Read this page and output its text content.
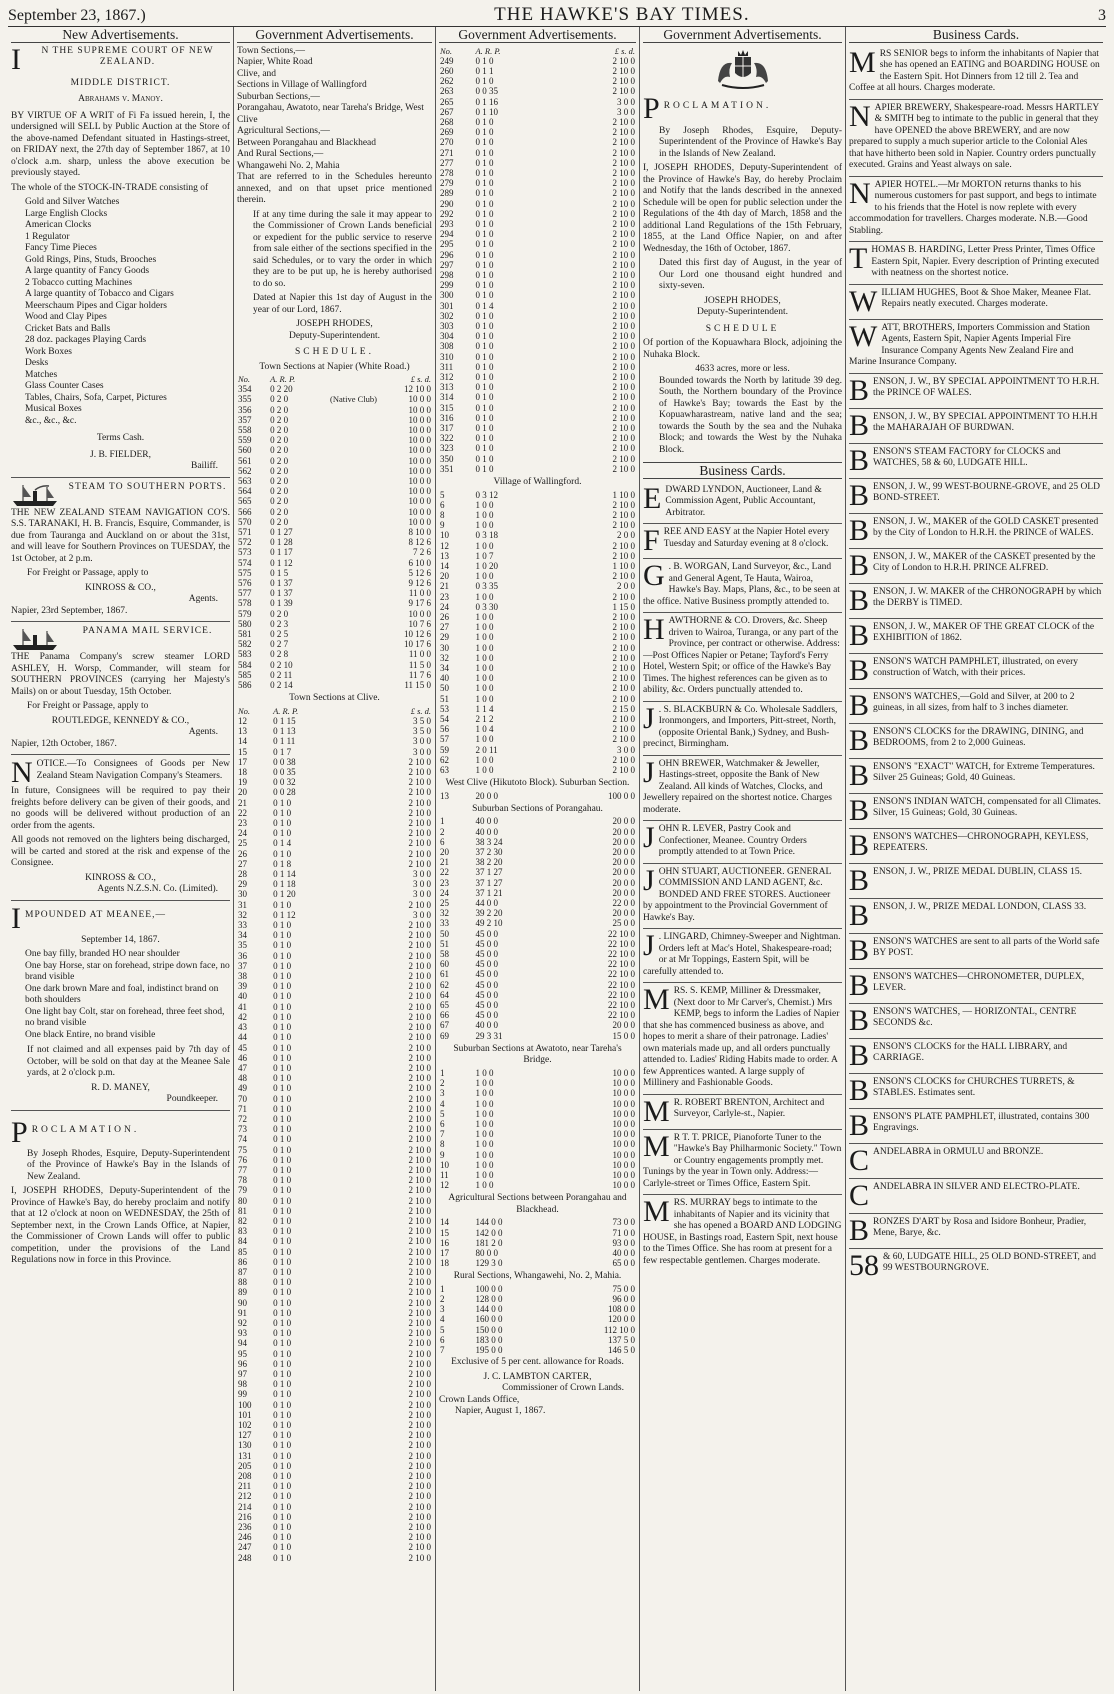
September 23, 1867.)	THE HAWKE'S BAY TIMES.	3
New Advertisements.
I	N THE SUPREME COURT OF NEW ZEALAND.
MIDDLE DISTRICT.
Abrahams v. Manoy.

BY VIRTUE OF A WRIT of Fi Fa issued herein, I, the undersigned will SELL by Public Auction at the Store of the above-named Defendant situated in Hastings-street, on FRIDAY next, the 27th day of September 1867, at 10 o'clock a.m. sharp, unless the above execution be previously stayed.

The whole of the STOCK-IN-TRADE consisting of

Gold and Silver Watches
Large English Clocks
American Clocks
1 Regulator
Fancy Time Pieces
Gold Rings, Pins, Studs, Brooches
A large quantity of Fancy Goods
2 Tobacco cutting Machines
A large quantity of Tobacco and Cigars
Meerschaum Pipes and Cigar holders
Wood and Clay Pipes
Cricket Bats and Balls
28 doz. packages Playing Cards
Work Boxes
Desks
Matches
Glass Counter Cases
Tables, Chairs, Sofa, Carpet, Pictures
Musical Boxes
&c., &c., &c.
Terms Cash.
J. B. FIELDER,
Bailiff.
STEAM TO SOUTHERN PORTS.

THE NEW ZEALAND STEAM NAVIGATION CO'S. S.S. TARANAKI, H. B. Francis, Esquire, Commander, is due from Tauranga and Auckland on or about the 31st, and will leave for Southern Provinces on TUESDAY, the 1st October, at 2 p.m.

For Freight or Passage, apply to

KINROSS & CO.,
Agents.
Napier, 23rd September, 1867.
PANAMA MAIL SERVICE.

THE Panama Company's screw steamer LORD ASHLEY, H. Worsp, Commander, will steam for SOUTHERN PROVINCES (carrying her Majesty's Mails) on or about Tuesday, 15th October.

For Freight or Passage, apply to

ROUTLEDGE, KENNEDY & CO.,
Agents.
Napier, 12th October, 1867.
N OTICE.—To Consignees of Goods per New Zealand Steam Navigation Company's Steamers.

In future, Consignees will be required to pay their freights before delivery can be given of their goods, and no goods will be delivered without production of an order from the agents.

All goods not removed on the lighters being discharged, will be carted and stored at the risk and expense of the Consignee.

KINROSS & CO.,
Agents N.Z.S.N. Co. (Limited).
I MPOUNDED AT MEANEE,—
September 14, 1867.
One bay filly, branded HO near shoulder
One bay Horse, star on forehead, stripe down face, no brand visible
One dark brown Mare and foal, indistinct brand on both shoulders
One light bay Colt, star on forehead, three feet shod, no brand visible
One black Entire, no brand visible

If not claimed and all expenses paid by 7th day of October, will be sold on that day at the Meanee Sale yards, at 2 o'clock p.m.

R. D. MANEY,
Poundkeeper.
P ROCLAMATION.

By Joseph Rhodes, Esquire, Deputy-Superintendent of the Province of Hawke's Bay in the Islands of New Zealand.

I, JOSEPH RHODES, Deputy-Superintendent of the Province of Hawke's Bay, do hereby proclaim and notify that at 12 o'clock at noon on WEDNESDAY, the 25th of September next, in the Crown Lands Office, at Napier, the Commissioner of Crown Lands will offer to public competition, under the provisions of the Land Regulations now in force in this Province.

Government Advertisements.
Town Sections,—
Napier, White Road
Clive, and
Sections in Village of Wallingford
Suburban Sections,—
Porangahau, Awatoto, near Tareha's Bridge, West Clive
Agricultural Sections,—
Between Porangahau and Blackhead
And Rural Sections,—
Whangawehi No. 2, Mahia

That are referred to in the Schedules hereunto annexed, and on that upset price mentioned therein.

If at any time during the sale it may appear to the Commissioner of Crown Lands beneficial or expedient for the public service to reserve from sale either of the sections specified in the said Schedules, or to vary the order in which they are to be put up, he is hereby authorised to do so.

Dated at Napier this 1st day of August in the year of our Lord, 1867.

JOSEPH RHODES,
Deputy-Superintendent.
SCHEDULE.
Town Sections at Napier (White Road.)
No.	A. R. P.		£ s. d.
354	0 2 20		12 10 0
355	0 2 0	(Native Club)	10 0 0
356	0 2 0		10 0 0
357	0 2 0		10 0 0
558	0 2 0		10 0 0
559	0 2 0		10 0 0
560	0 2 0		10 0 0
561	0 2 0		10 0 0
562	0 2 0		10 0 0
563	0 2 0		10 0 0
564	0 2 0		10 0 0
565	0 2 0		10 0 0
566	0 2 0		10 0 0
570	0 2 0		10 0 0
571	0 1 27		8 10 0
572	0 1 28		8 12 6
573	0 1 17		7 2 6
574	0 1 12		6 10 0
575	0 1 5		5 12 6
576	0 1 37		9 12 6
577	0 1 37		11 0 0
578	0 1 39		9 17 6
579	0 2 0		10 0 0
580	0 2 3		10 7 6
581	0 2 5		10 12 6
582	0 2 7		10 17 6
583	0 2 8		11 0 0
584	0 2 10		11 5 0
585	0 2 11		11 7 6
586	0 2 14		11 15 0
Town Sections at Clive.
No.	A. R. P.		£ s. d.
12	0 1 15		3 5 0
13	0 1 13		3 5 0
14	0 1 11		3 0 0
15	0 1 7		3 0 0
17	0 0 38		2 10 0
18	0 0 35		2 10 0
19	0 0 32		2 10 0
20	0 0 28		2 10 0
21	0 1 0		2 10 0
22	0 1 0		2 10 0
23	0 1 0		2 10 0
24	0 1 0		2 10 0
25	0 1 4		2 10 0
26	0 1 0		2 10 0
27	0 1 8		2 10 0
28	0 1 14		3 0 0
29	0 1 18		3 0 0
30	0 1 20		3 0 0
31	0 1 0		2 10 0
32	0 1 12		3 0 0
33	0 1 0		2 10 0
34	0 1 0		2 10 0
35	0 1 0		2 10 0
36	0 1 0		2 10 0
37	0 1 0		2 10 0
38	0 1 0		2 10 0
39	0 1 0		2 10 0
40	0 1 0		2 10 0
41	0 1 0		2 10 0
42	0 1 0		2 10 0
43	0 1 0		2 10 0
44	0 1 0		2 10 0
45	0 1 0		2 10 0
46	0 1 0		2 10 0
47	0 1 0		2 10 0
48	0 1 0		2 10 0
49	0 1 0		2 10 0
70	0 1 0		2 10 0
71	0 1 0		2 10 0
72	0 1 0		2 10 0
73	0 1 0		2 10 0
74	0 1 0		2 10 0
75	0 1 0		2 10 0
76	0 1 0		2 10 0
77	0 1 0		2 10 0
78	0 1 0		2 10 0
79	0 1 0		2 10 0
80	0 1 0		2 10 0
81	0 1 0		2 10 0
82	0 1 0		2 10 0
83	0 1 0		2 10 0
84	0 1 0		2 10 0
85	0 1 0		2 10 0
86	0 1 0		2 10 0
87	0 1 0		2 10 0
88	0 1 0		2 10 0
89	0 1 0		2 10 0
90	0 1 0		2 10 0
91	0 1 0		2 10 0
92	0 1 0		2 10 0
93	0 1 0		2 10 0
94	0 1 0		2 10 0
95	0 1 0		2 10 0
96	0 1 0		2 10 0
97	0 1 0		2 10 0
98	0 1 0		2 10 0
99	0 1 0		2 10 0
100	0 1 0		2 10 0
101	0 1 0		2 10 0
102	0 1 0		2 10 0
127	0 1 0		2 10 0
130	0 1 0		2 10 0
131	0 1 0		2 10 0
205	0 1 0		2 10 0
208	0 1 0		2 10 0
211	0 1 0		2 10 0
212	0 1 0		2 10 0
214	0 1 0		2 10 0
216	0 1 0		2 10 0
236	0 1 0		2 10 0
246	0 1 0		2 10 0
247	0 1 0		2 10 0
248	0 1 0		2 10 0
Government Advertisements.
No.	A. R. P.		£ s. d.
249	0 1 0		2 10 0
260	0 1 1		2 10 0
262	0 1 0		2 10 0
263	0 0 35		2 10 0
265	0 1 16		3 0 0
267	0 1 10		3 0 0
268	0 1 0		2 10 0
269	0 1 0		2 10 0
270	0 1 0		2 10 0
271	0 1 0		2 10 0
277	0 1 0		2 10 0
278	0 1 0		2 10 0
279	0 1 0		2 10 0
289	0 1 0		2 10 0
290	0 1 0		2 10 0
292	0 1 0		2 10 0
293	0 1 0		2 10 0
294	0 1 0		2 10 0
295	0 1 0		2 10 0
296	0 1 0		2 10 0
297	0 1 0		2 10 0
298	0 1 0		2 10 0
299	0 1 0		2 10 0
300	0 1 0		2 10 0
301	0 1 4		2 10 0
302	0 1 0		2 10 0
303	0 1 0		2 10 0
304	0 1 0		2 10 0
308	0 1 0		2 10 0
310	0 1 0		2 10 0
311	0 1 0		2 10 0
312	0 1 0		2 10 0
313	0 1 0		2 10 0
314	0 1 0		2 10 0
315	0 1 0		2 10 0
316	0 1 0		2 10 0
317	0 1 0		2 10 0
322	0 1 0		2 10 0
323	0 1 0		2 10 0
350	0 1 0		2 10 0
351	0 1 0		2 10 0
Village of Wallingford.
5	0 3 12		1 10 0
6	1 0 0		2 10 0
8	1 0 0		2 10 0
9	1 0 0		2 10 0
10	0 3 18		2 0 0
12	1 0 0		2 10 0
13	1 0 7		2 10 0
14	1 0 20		1 10 0
20	1 0 0		2 10 0
21	0 3 35		2 0 0
23	1 0 0		2 10 0
24	0 3 30		1 15 0
26	1 0 0		2 10 0
27	1 0 0		2 10 0
29	1 0 0		2 10 0
30	1 0 0		2 10 0
32	1 0 0		2 10 0
34	1 0 0		2 10 0
40	1 0 0		2 10 0
50	1 0 0		2 10 0
51	1 0 0		2 10 0
53	1 1 4		2 15 0
54	2 1 2		2 10 0
56	1 0 4		2 10 0
57	1 0 0		2 10 0
59	2 0 11		3 0 0
62	1 0 0		2 10 0
63	1 0 0		2 10 0
West Clive (Hikutoto Block). Suburban Section.
13	20 0 0		100 0 0
Suburban Sections of Porangahau.
1	40 0 0		20 0 0
2	40 0 0		20 0 0
6	38 3 24		20 0 0
20	37 2 30		20 0 0
21	38 2 20		20 0 0
22	37 1 27		20 0 0
23	37 1 27		20 0 0
24	37 1 21		20 0 0
25	44 0 0		22 0 0
32	39 2 20		20 0 0
33	49 2 10		25 0 0
50	45 0 0		22 10 0
51	45 0 0		22 10 0
58	45 0 0		22 10 0
60	45 0 0		22 10 0
61	45 0 0		22 10 0
62	45 0 0		22 10 0
64	45 0 0		22 10 0
65	45 0 0		22 10 0
66	45 0 0		22 10 0
67	40 0 0		20 0 0
69	29 3 31		15 0 0
Suburban Sections at Awatoto, near Tareha's Bridge.
1	1 0 0		10 0 0
2	1 0 0		10 0 0
3	1 0 0		10 0 0
4	1 0 0		10 0 0
5	1 0 0		10 0 0
6	1 0 0		10 0 0
7	1 0 0		10 0 0
8	1 0 0		10 0 0
9	1 0 0		10 0 0
10	1 0 0		10 0 0
11	1 0 0		10 0 0
12	1 0 0		10 0 0
Agricultural Sections between Porangahau and Blackhead.
14	144 0 0		73 0 0
15	142 0 0		71 0 0
16	181 2 0		93 0 0
17	80 0 0		40 0 0
18	129 3 0		65 0 0
Rural Sections, Whangawehi, No. 2, Mahia.
1	100 0 0		75 0 0
2	128 0 0		96 0 0
3	144 0 0		108 0 0
4	160 0 0		120 0 0
5	150 0 0		112 10 0
6	183 0 0		137 5 0
7	195 0 0		146 5 0
Exclusive of 5 per cent. allowance for Roads.
J. C. LAMBTON CARTER,
Commissioner of Crown Lands.
Crown Lands Office,
Napier, August 1, 1867.
Government Advertisements.
P ROCLAMATION.

By Joseph Rhodes, Esquire, Deputy-Superintendent of the Province of Hawke's Bay in the Islands of New Zealand.

I, JOSEPH RHODES, Deputy-Superintendent of the Province of Hawke's Bay, do hereby Proclaim and Notify that the lands described in the annexed Schedule will be open for public selection under the Regulations of the 4th day of March, 1858 and the additional Land Regulations of the 15th February, 1855, at the Land Office Napier, on and after Wednesday, the 16th of October, 1867.

Dated this first day of August, in the year of Our Lord one thousand eight hundred and sixty-seven.

JOSEPH RHODES,
Deputy-Superintendent.
SCHEDULE

Of portion of the Kopuawhara Block, adjoining the Nuhaka Block.

4633 acres, more or less.

Bounded towards the North by latitude 39 deg. South, the Northern boundary of the Province of Hawke's Bay; towards the East by the Kopuawharastream, native land and the sea; towards the South by the sea and the Nuhaka Block; and towards the West by the Nuhaka Block.

Business Cards.
EDWARD LYNDON, Auctioneer, Land & Commission Agent, Public Accountant, Arbitrator.
FREE AND EASY at the Napier Hotel every Tuesday and Saturday evening at 8 o'clock.
G . B. WORGAN, Land Surveyor, &c., Land and General Agent, Te Hauta, Wairoa, Hawke's Bay. Maps, Plans, &c., to be seen at the office. Native Business promptly attended to.
HAWTHORNE & CO. Drovers, &c. Sheep driven to Wairoa, Turanga, or any part of the Province, per contract or otherwise. Address:—Post Offices Napier or Petane; Tayford's Ferry Hotel, Western Spit; or office of the Hawke's Bay Times. The highest references can be given as to ability, &c. Orders punctually attended to.
J . S. BLACKBURN & Co. Wholesale Saddlers, Ironmongers, and Importers, Pitt-street, North, (opposite Oriental Bank,) Sydney, and Bush-precinct, Birmingham.
JOHN BREWER, Watchmaker & Jeweller, Hastings-street, opposite the Bank of New Zealand. All kinds of Watches, Clocks, and Jewellery repaired on the shortest notice. Charges moderate.
JOHN R. LEVER, Pastry Cook and Confectioner, Meanee. Country Orders promptly attended to at Town Price.
JOHN STUART, AUCTIONEER. GENERAL COMMISSION AND LAND AGENT, &c. BONDED AND FREE STORES. Auctioneer by appointment to the Provincial Government of Hawke's Bay.
J . LINGARD, Chimney-Sweeper and Nightman. Orders left at Mac's Hotel, Shakespeare-road; or at Mr Toppings, Eastern Spit, will be carefully attended to.
MRS. S. KEMP, Milliner & Dressmaker, (Next door to Mr Carver's, Chemist.) Mrs KEMP, begs to inform the Ladies of Napier that she has commenced business as above, and hopes to merit a share of their patronage. Ladies' own materials made up, and all orders punctually attended to. Ladies' Riding Habits made to order. A few Apprentices wanted. A large supply of Millinery and Fashionable Goods.
M R. ROBERT BRENTON, Architect and Surveyor, Carlyle-st., Napier.
M R T. T. PRICE, Pianoforte Tuner to the "Hawke's Bay Philharmonic Society." Town or Country engagements promptly met. Tunings by the year in Town only. Address:—Carlyle-street or Times Office, Eastern Spit.
MRS. MURRAY begs to intimate to the inhabitants of Napier and its vicinity that she has opened a BOARD AND LODGING HOUSE, in Bastings road, Eastern Spit, next house to the Times Office. She has room at present for a few respectable gentlemen. Charges moderate.
Business Cards.
MRS SENIOR begs to inform the inhabitants of Napier that she has opened an EATING and BOARDING HOUSE on the Eastern Spit. Hot Dinners from 12 till 2. Tea and Coffee at all hours. Charges moderate.
NAPIER BREWERY, Shakespeare-road. Messrs HARTLEY & SMITH beg to intimate to the public in general that they have OPENED the above BREWERY, and are now prepared to supply a much superior article to the Colonial Ales that have hitherto been sold in Napier. Country orders punctually executed. Grains and Yeast always on sale.
NAPIER HOTEL.—Mr MORTON returns thanks to his numerous customers for past support, and begs to intimate to his friends that the Hotel is now replete with every accommodation for travellers. Charges moderate. N.B.—Good Stabling.
THOMAS B. HARDING, Letter Press Printer, Times Office Eastern Spit, Napier. Every description of Printing executed with neatness on the shortest notice.
WILLIAM HUGHES, Boot & Shoe Maker, Meanee Flat. Repairs neatly executed. Charges moderate.
WATT, BROTHERS, Importers Commission and Station Agents, Eastern Spit, Napier Agents Imperial Fire Insurance Company Agents New Zealand Fire and Marine Insurance Company.
BENSON, J. W., BY SPECIAL APPOINTMENT TO H.R.H. the PRINCE OF WALES.
BENSON, J. W., BY SPECIAL APPOINTMENT TO H.H.H the MAHARAJAH OF BURDWAN.
BENSON'S STEAM FACTORY for CLOCKS and WATCHES, 58 & 60, LUDGATE HILL.
BENSON, J. W., 99 WEST-BOURNE-GROVE, and 25 OLD BOND-STREET.
BENSON, J. W., MAKER of the GOLD CASKET presented by the City of London to H.R.H. the PRINCE of WALES.
BENSON, J. W., MAKER of the CASKET presented by the City of London to H.R.H. PRINCE ALFRED.
BENSON, J. W. MAKER of the CHRONOGRAPH by which the DERBY is TIMED.
BENSON, J. W., MAKER OF THE GREAT CLOCK of the EXHIBITION of 1862.
BENSON'S WATCH PAMPHLET, illustrated, on every construction of Watch, with their prices.
BENSON'S WATCHES,—Gold and Silver, at 200 to 2 guineas, in all sizes, from half to 3 inches diameter.
BENSON'S CLOCKS for the DRAWING, DINING, and BEDROOMS, from 2 to 2,000 Guineas.
BENSON'S "EXACT" WATCH, for Extreme Temperatures. Silver 25 Guineas; Gold, 40 Guineas.
BENSON'S INDIAN WATCH, compensated for all Climates. Silver, 15 Guineas; Gold, 30 Guineas.
BENSON'S WATCHES—CHRONOGRAPH, KEYLESS, REPEATERS.
BENSON, J. W., PRIZE MEDAL DUBLIN, CLASS 15.
BENSON, J. W., PRIZE MEDAL LONDON, CLASS 33.
BENSON'S WATCHES are sent to all parts of the World safe BY POST.
BENSON'S WATCHES—CHRONOMETER, DUPLEX, LEVER.
BENSON'S WATCHES, — HORIZONTAL, CENTRE SECONDS &c.
BENSON'S CLOCKS for the HALL LIBRARY, and CARRIAGE.
BENSON'S CLOCKS for CHURCHES TURRETS, & STABLES. Estimates sent.
BENSON'S PLATE PAMPHLET, illustrated, contains 300 Engravings.
CANDELABRA in ORMULU and BRONZE.
CANDELABRA IN SILVER AND ELECTRO-PLATE.
BRONZES D'ART by Rosa and Isidore Bonheur, Pradier, Mene, Barye, &c.
58 & 60, LUDGATE HILL, 25 OLD BOND-STREET, and 99 WESTBOURNGROVE.
